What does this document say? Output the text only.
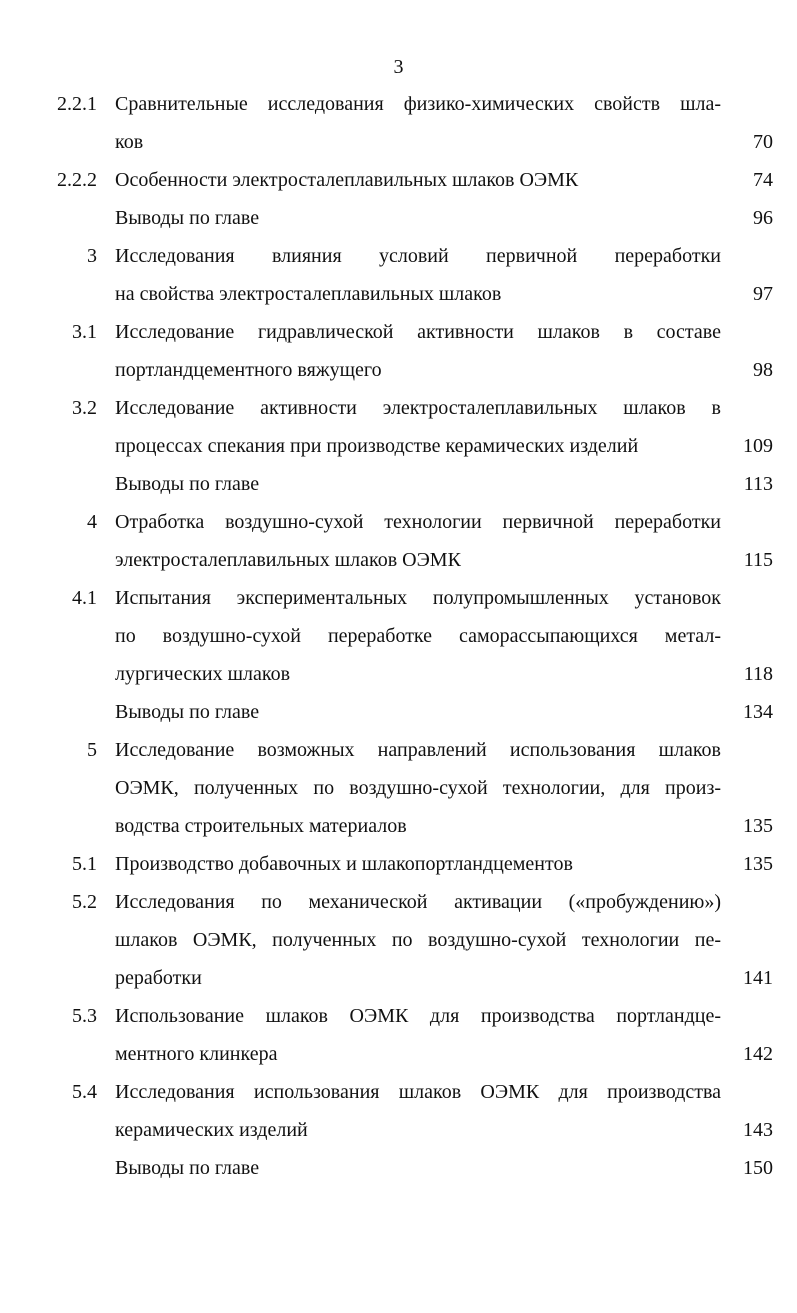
3
2.2.1 Сравнительные исследования физико-химических свойств шла-
ков	70
2.2.2 Особенности электросталеплавильных шлаков ОЭМК	74
Выводы по главе	96
3 Исследования влияния условий первичной переработки
на свойства электросталеплавильных шлаков	97
3.1 Исследование гидравлической активности шлаков в составе
портландцементного вяжущего	98
3.2 Исследование активности электросталеплавильных шлаков в
процессах спекания при производстве керамических изделий	109
Выводы по главе	113
4 Отработка воздушно-сухой технологии первичной переработки
электросталеплавильных шлаков ОЭМК	115
4.1 Испытания экспериментальных полупромышленных установок
по воздушно-сухой переработке саморассыпающихся метал-
лургических шлаков	118
Выводы по главе	134
5 Исследование возможных направлений использования шлаков
ОЭМК, полученных по воздушно-сухой технологии, для произ-
водства строительных материалов	135
5.1 Производство добавочных и шлакопортландцементов	135
5.2 Исследования по механической активации («пробуждению»)
шлаков ОЭМК, полученных по воздушно-сухой технологии пе-
реработки	141
5.3 Использование шлаков ОЭМК для производства портландце-
ментного клинкера	142
5.4 Исследования использования шлаков ОЭМК для производства
керамических изделий	143
Выводы по главе	150
